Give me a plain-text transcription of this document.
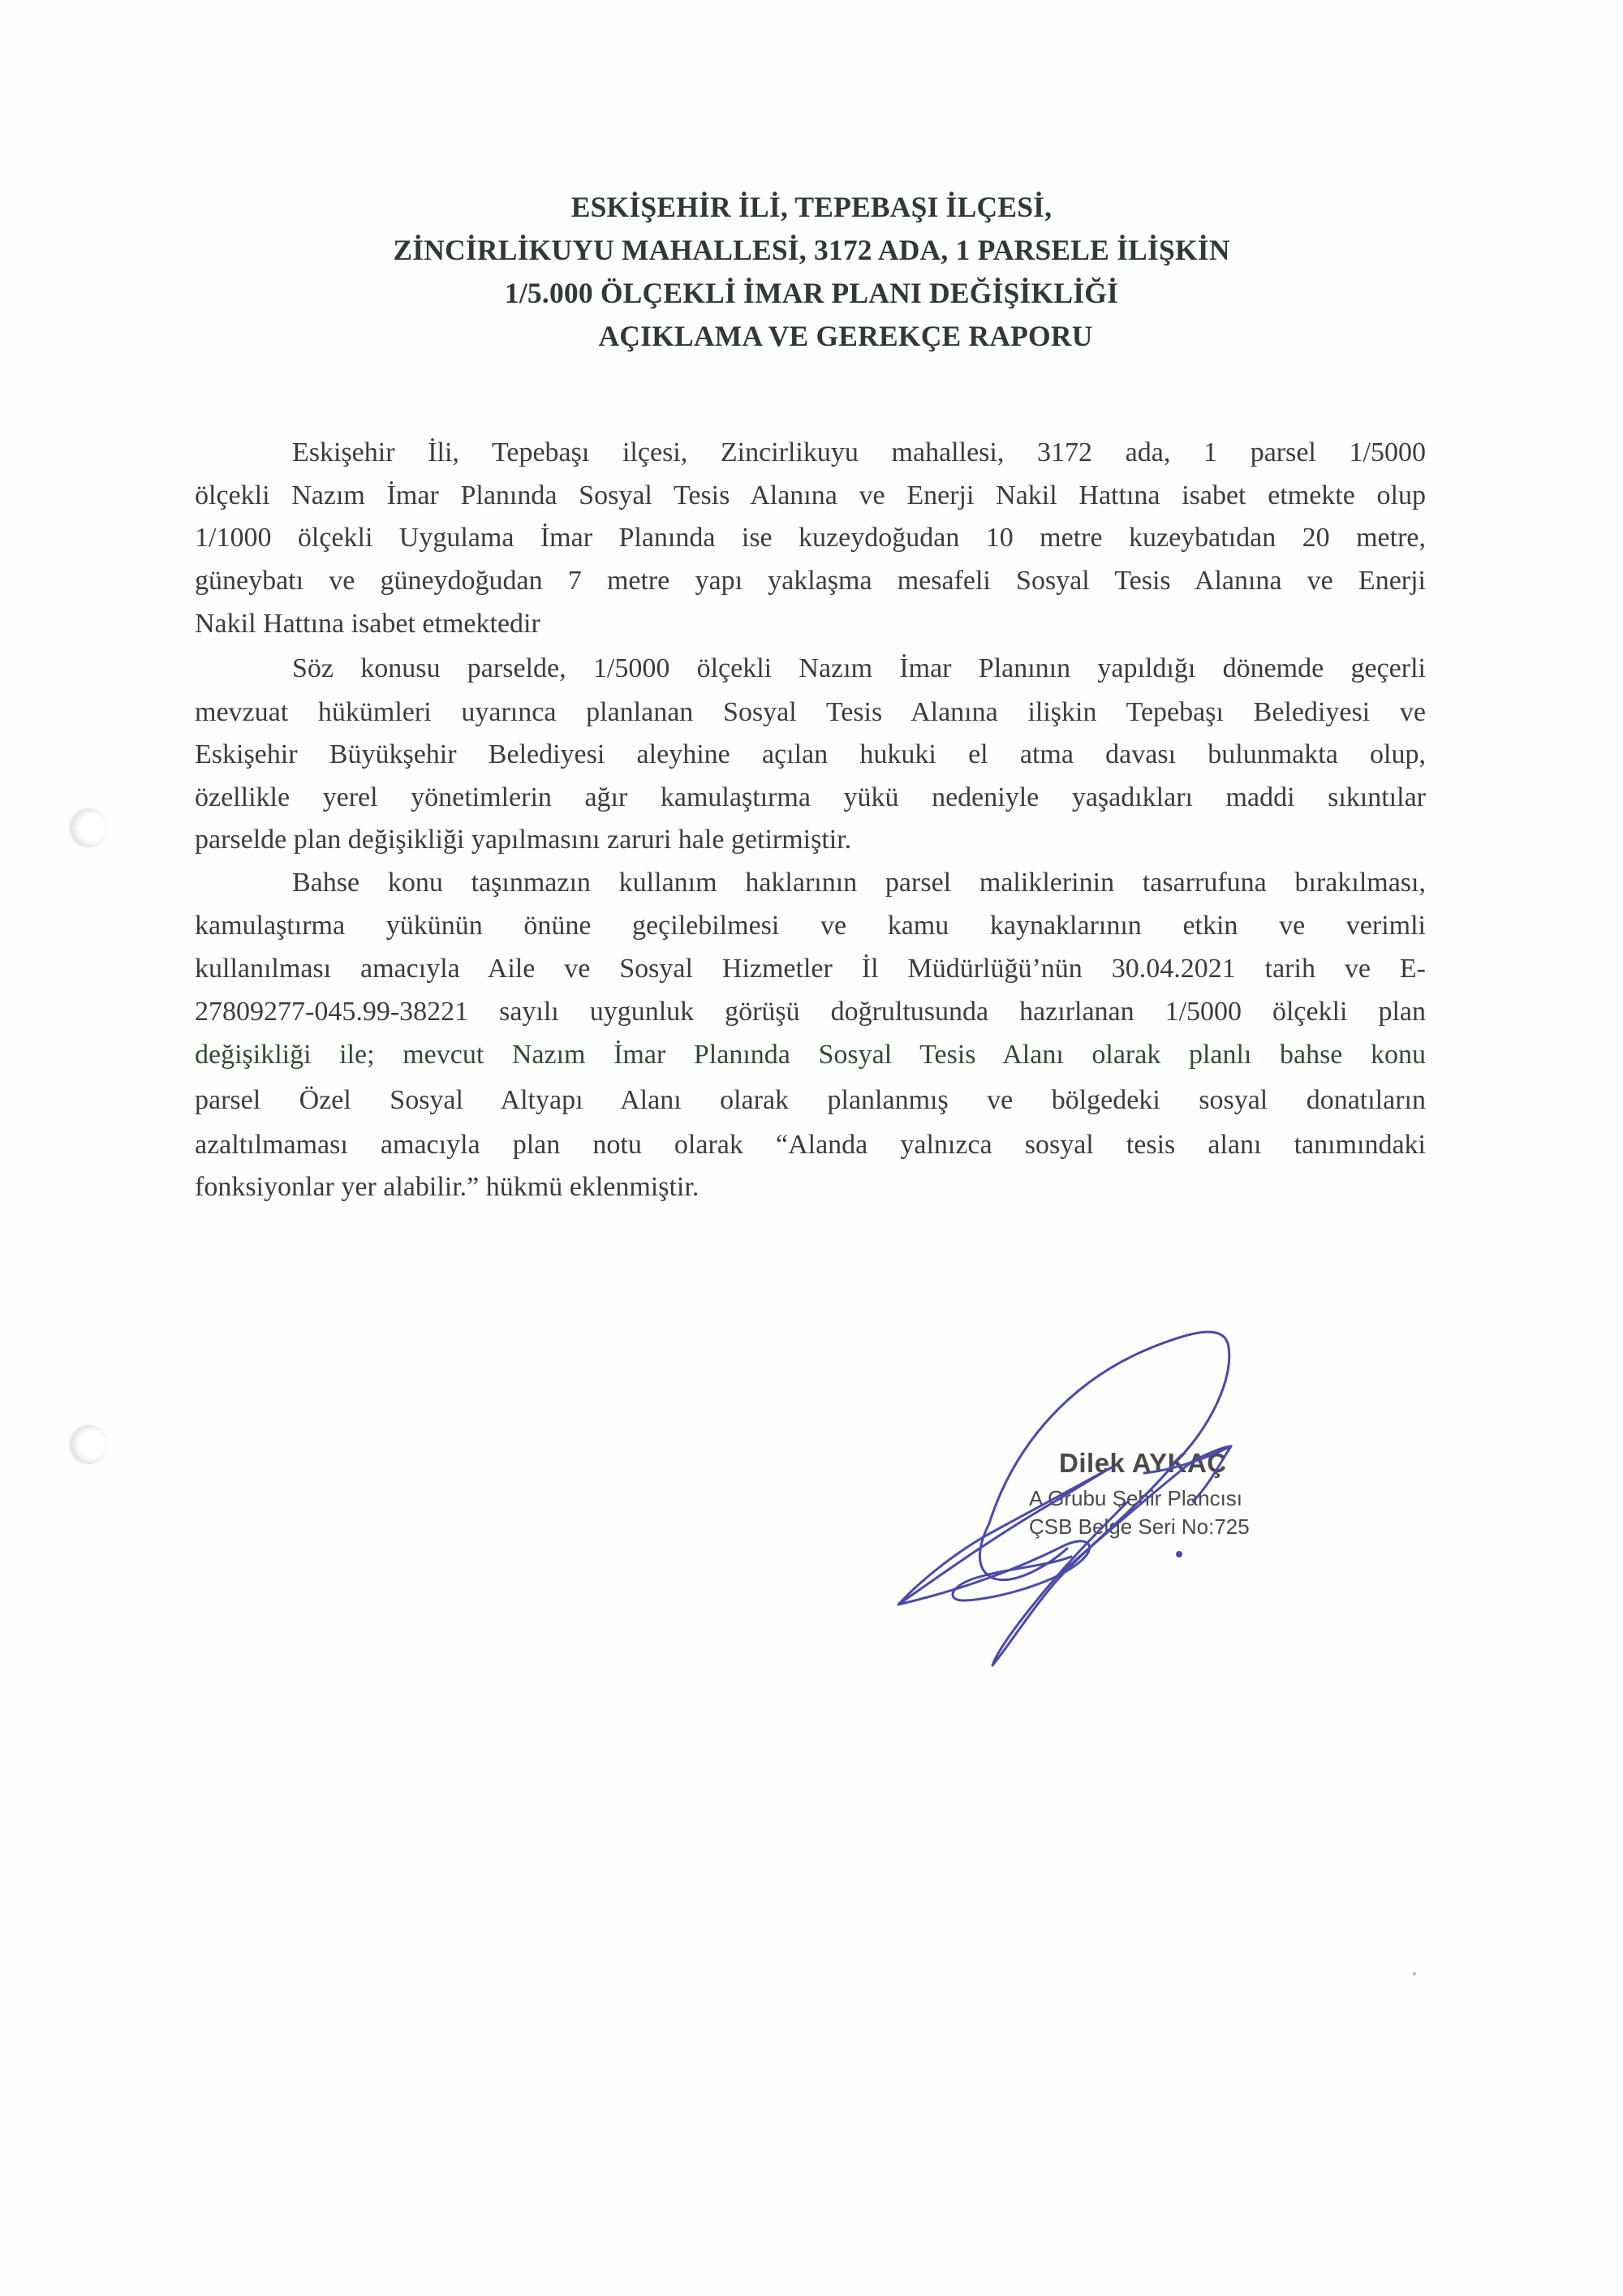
ESKİŞEHİR İLİ, TEPEBAŞI İLÇESİ,
ZİNCİRLİKUYU MAHALLESİ, 3172 ADA, 1 PARSELE İLİŞKİN
1/5.000 ÖLÇEKLİ İMAR PLANI DEĞİŞİKLİĞİ
AÇIKLAMA VE GEREKÇE RAPORU
Eskişehir İli, Tepebaşı ilçesi, Zincirlikuyu mahallesi, 3172 ada, 1 parsel 1/5000
ölçekli Nazım İmar Planında Sosyal Tesis Alanına ve Enerji Nakil Hattına isabet etmekte olup
1/1000 ölçekli Uygulama İmar Planında ise kuzeydoğudan 10 metre kuzeybatıdan 20 metre,
güneybatı ve güneydoğudan 7 metre yapı yaklaşma mesafeli Sosyal Tesis Alanına ve Enerji
Nakil Hattına isabet etmektedir
Söz konusu parselde, 1/5000 ölçekli Nazım İmar Planının yapıldığı dönemde geçerli
mevzuat hükümleri uyarınca planlanan Sosyal Tesis Alanına ilişkin Tepebaşı Belediyesi ve
Eskişehir Büyükşehir Belediyesi aleyhine açılan hukuki el atma davası bulunmakta olup,
özellikle yerel yönetimlerin ağır kamulaştırma yükü nedeniyle yaşadıkları maddi sıkıntılar
parselde plan değişikliği yapılmasını zaruri hale getirmiştir.
Bahse konu taşınmazın kullanım haklarının parsel maliklerinin tasarrufuna bırakılması,
kamulaştırma yükünün önüne geçilebilmesi ve kamu kaynaklarının etkin ve verimli
kullanılması amacıyla Aile ve Sosyal Hizmetler İl Müdürlüğü’nün 30.04.2021 tarih ve E-
27809277-045.99-38221 sayılı uygunluk görüşü doğrultusunda hazırlanan 1/5000 ölçekli plan
değişikliği ile; mevcut Nazım İmar Planında Sosyal Tesis Alanı olarak planlı bahse konu
parsel Özel Sosyal Altyapı Alanı olarak planlanmış ve bölgedeki sosyal donatıların
azaltılmaması amacıyla plan notu olarak “Alanda yalnızca sosyal tesis alanı tanımındaki
fonksiyonlar yer alabilir.” hükmü eklenmiştir.
Dilek AYKAÇ
A Grubu Şehir Plancısı
ÇSB Belge Seri No:725
